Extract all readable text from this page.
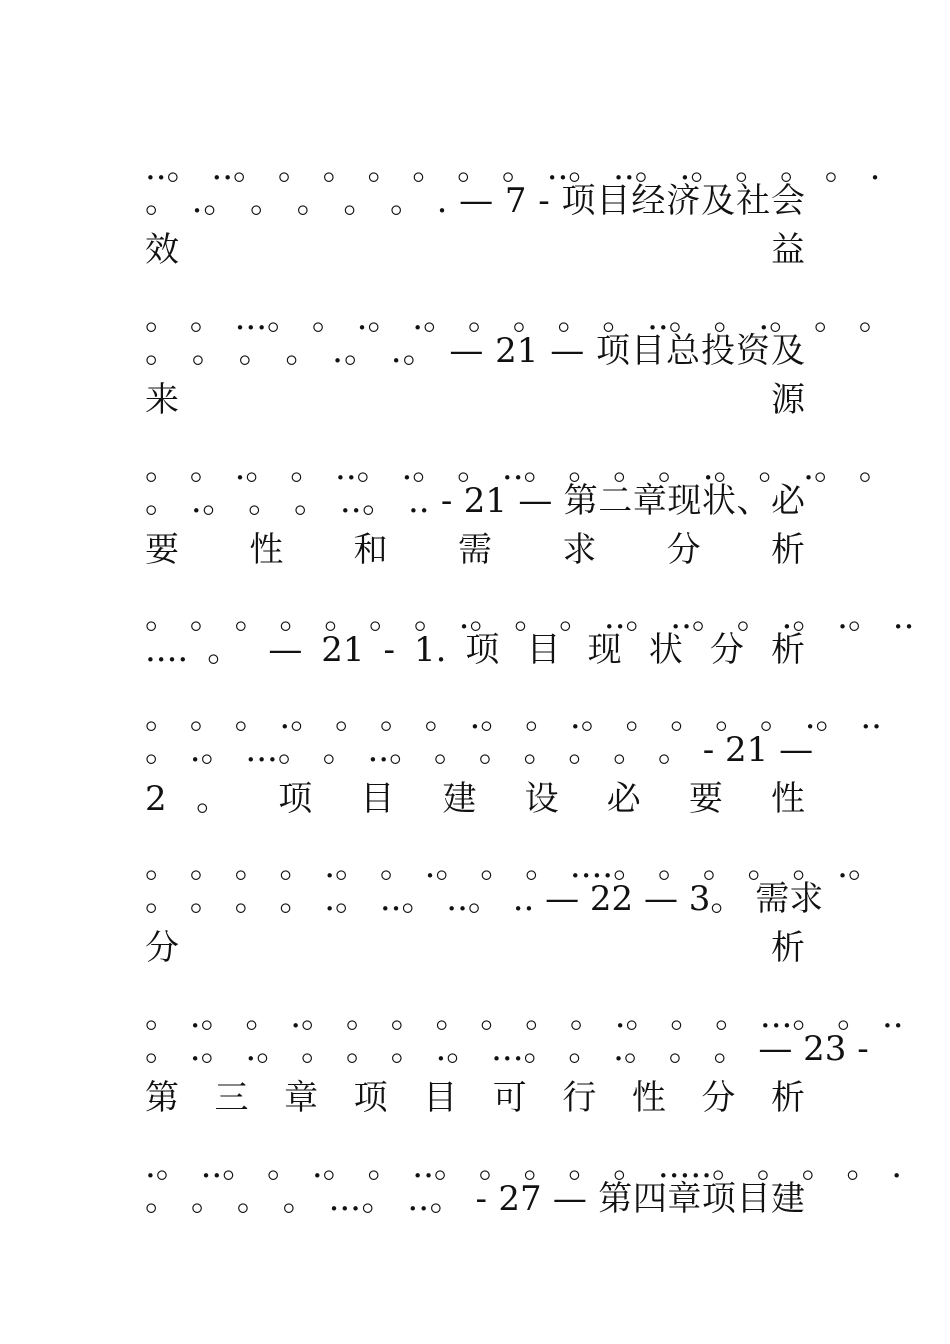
..。 ..。 。 。 。 。 。 。 ..。 ..。 .。 。 。 。 .
。 .。 。 。 。 。 . — 7 - 项目经济及社会
效 益
。 。 ...。 。 .。 .。 。 。 。 。 ..。 。 .。 。 。
。 。 。 。 .。 .。 — 21 — 项目总投资及
来 源
。 。 .。 。 ..。 .。 。 ..。 。 。 。 .。 。 .。 。
。 .。 。 。 ..。 .. - 21 — 第二章现状、必
要 性 和 需 求 分 析
。 。 。 。 。 。 。 .。 。 。 ..。 ..。 。 .。 .。 ..
.... 。 — 21 - 1. 项 目 现 状 分 析
。 。 。 .。 。 。 。 .。 。 .。 。 。 。 。 .。 ..
。 .。 ...。 。 ..。 。 。 。 。 。 。 - 21 —
2 。 项 目 建 设 必 要 性
。 。 。 。 .。 。 .。 。 。 ....。 。 。 。 。 .。
。 。 。 。 .。 ..。 ..。 .. — 22 — 3。 需求
分 析
。 .。 。 .。 。 。 。 。 。 。 .。 。 。 ...。 。 ..
。 .。 .。 。 。 。 .。 ...。 。 .。 。 。 — 23 -
第 三 章 项 目 可 行 性 分 析
.。 ..。 。 .。 。 ..。 。 。 。 。 .....。 。 。 。 .
。 。 。 。 ...。 ..。 - 27 — 第四章项目建
